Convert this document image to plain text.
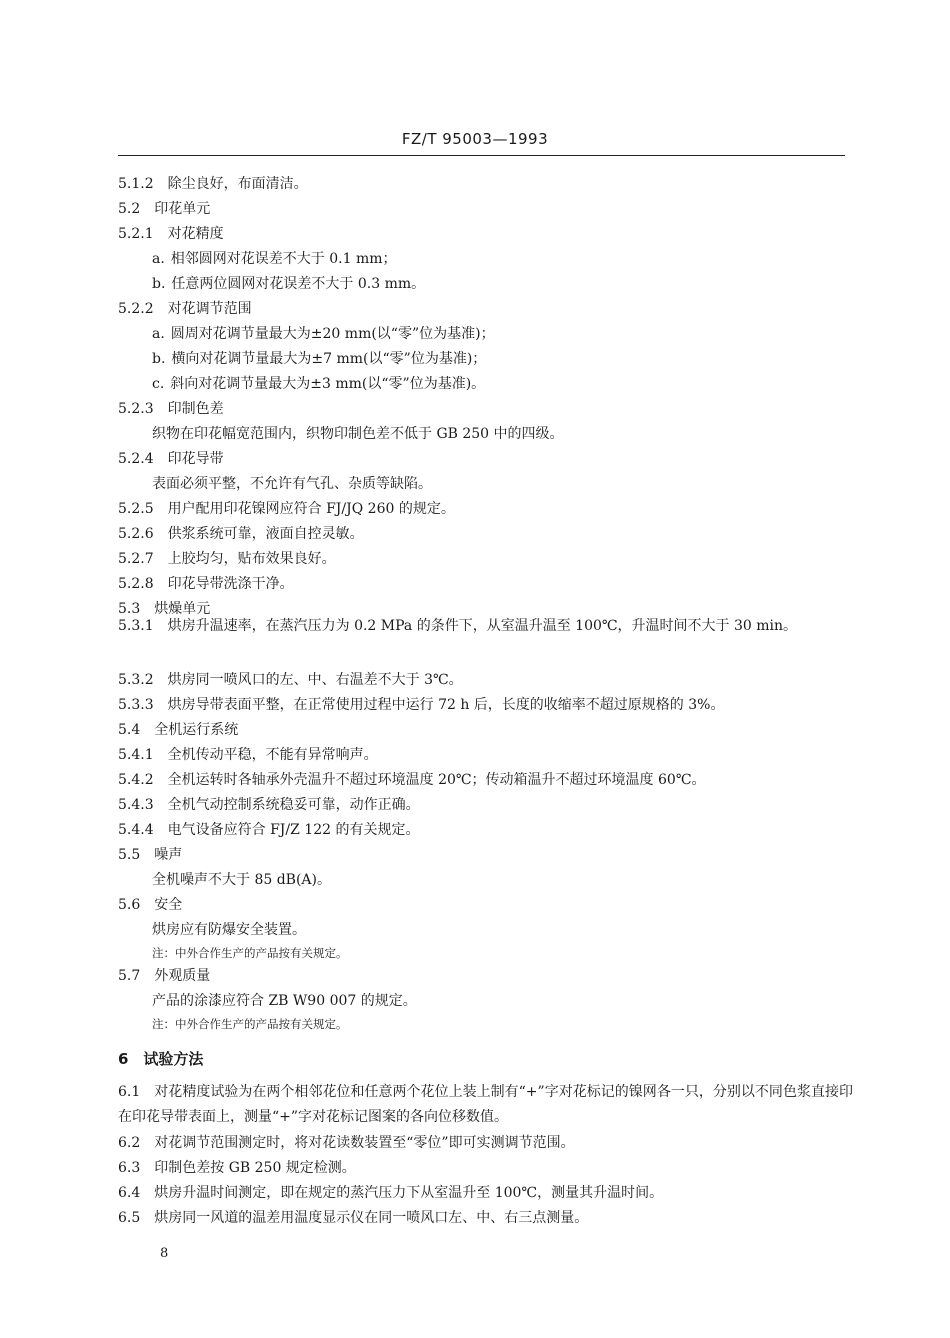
FZ/T 95003—1993
5.1.2 除尘良好，布面清洁。
5.2 印花单元
5.2.1 对花精度
a. 相邻圆网对花误差不大于 0.1 mm；
b. 任意两位圆网对花误差不大于 0.3 mm。
5.2.2 对花调节范围
a. 圆周对花调节量最大为±20 mm(以“零”位为基准)；
b. 横向对花调节量最大为±7 mm(以“零”位为基准)；
c. 斜向对花调节量最大为±3 mm(以“零”位为基准)。
5.2.3 印制色差
织物在印花幅宽范围内，织物印制色差不低于 GB 250 中的四级。
5.2.4 印花导带
表面必须平整，不允许有气孔、杂质等缺陷。
5.2.5 用户配用印花镍网应符合 FJ/JQ 260 的规定。
5.2.6 供浆系统可靠，液面自控灵敏。
5.2.7 上胶均匀，贴布效果良好。
5.2.8 印花导带洗涤干净。
5.3 烘燥单元
5.3.1　烘房升温速率，在蒸汽压力为 0.2 MPa 的条件下，从室温升温至 100℃，升温时间不大于 30 min。
5.3.2 烘房同一喷风口的左、中、右温差不大于 3℃。
5.3.3 烘房导带表面平整，在正常使用过程中运行 72 h 后，长度的收缩率不超过原规格的 3%。
5.4 全机运行系统
5.4.1 全机传动平稳，不能有异常响声。
5.4.2 全机运转时各轴承外壳温升不超过环境温度 20℃；传动箱温升不超过环境温度 60℃。
5.4.3 全机气动控制系统稳妥可靠，动作正确。
5.4.4 电气设备应符合 FJ/Z 122 的有关规定。
5.5 噪声
全机噪声不大于 85 dB(A)。
5.6 安全
烘房应有防爆安全装置。
注：中外合作生产的产品按有关规定。
5.7 外观质量
产品的涂漆应符合 ZB W90 007 的规定。
注：中外合作生产的产品按有关规定。
6　试验方法
6.1　对花精度试验为在两个相邻花位和任意两个花位上装上制有“+”字对花标记的镍网各一只，分别以不同色浆直接印在印花导带表面上，测量“+”字对花标记图案的各向位移数值。
6.2 对花调节范围测定时，将对花读数装置至“零位”即可实测调节范围。
6.3 印制色差按 GB 250 规定检测。
6.4 烘房升温时间测定，即在规定的蒸汽压力下从室温升至 100℃，测量其升温时间。
6.5 烘房同一风道的温差用温度显示仪在同一喷风口左、中、右三点测量。
8
